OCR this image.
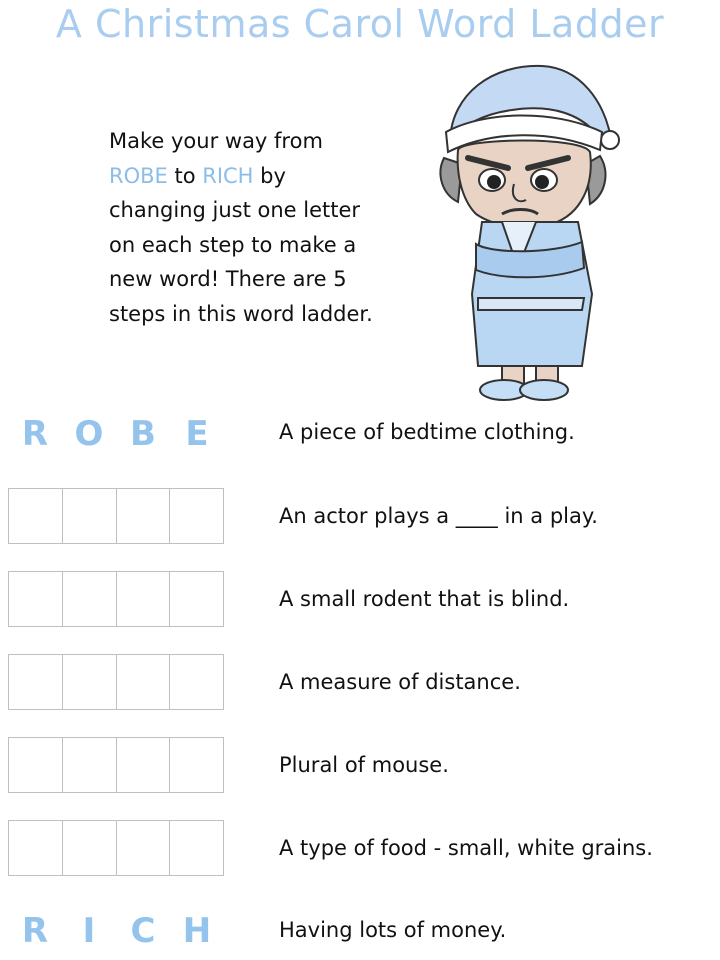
A Christmas Carol Word Ladder
Make your way from
ROBE to RICH by
changing just one letter
on each step to make a
new word! There are 5
steps in this word ladder.
R O B E	A piece of bedtime clothing.
An actor plays a ____ in a play.
A small rodent that is blind.
A measure of distance.
Plural of mouse.
A type of food - small, white grains.
R	I	C H	Having lots of money.
